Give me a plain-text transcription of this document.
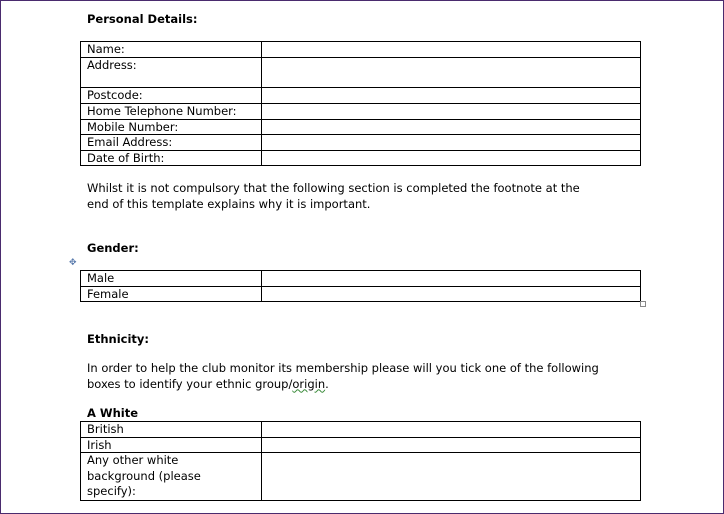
Personal Details:
Name:	
Address:	
Postcode:	
Home Telephone Number:	
Mobile Number:	
Email Address:	
Date of Birth:	
Whilst it is not compulsory that the following section is completed the footnote at the
end of this template explains why it is important.
Gender:
✥
Male	
Female	
Ethnicity:
In order to help the club monitor its membership please will you tick one of the following
boxes to identify your ethnic group/origin.
A White
British	
Irish	

Any other white
background (please
specify):	
